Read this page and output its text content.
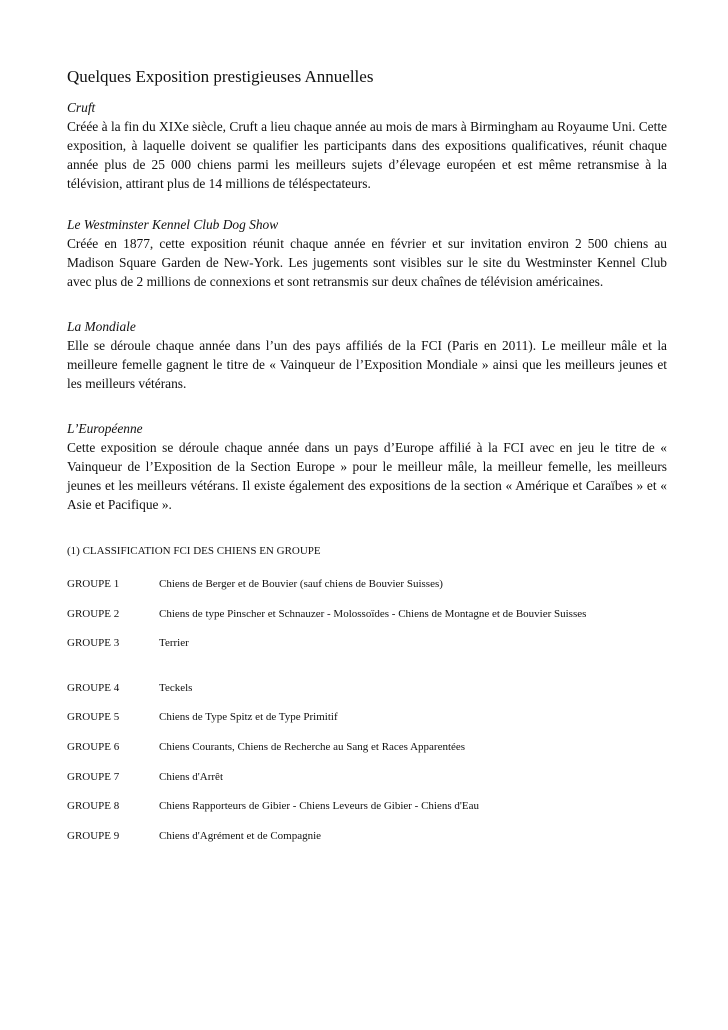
Quelques Exposition prestigieuses Annuelles
Cruft
Créée à la fin du XIXe siècle, Cruft a lieu chaque année au mois de mars à Birmingham au Royaume Uni. Cette exposition, à laquelle doivent se qualifier les participants dans des expositions qualificatives, réunit chaque année plus de 25 000 chiens parmi les meilleurs sujets d’élevage européen et est même retransmise à la télévision, attirant plus de 14 millions de téléspectateurs.
Le Westminster Kennel Club Dog Show
Créée en 1877, cette exposition réunit chaque année en février et sur invitation environ 2 500 chiens au Madison Square Garden de New-York. Les jugements sont visibles sur le site du Westminster Kennel Club avec plus de 2 millions de connexions et sont retransmis sur deux chaînes de télévision américaines.
La Mondiale
Elle se déroule chaque année dans l’un des pays affiliés de la FCI (Paris en 2011). Le meilleur mâle et la meilleure femelle gagnent le titre de « Vainqueur de l’Exposition Mondiale » ainsi que les meilleurs jeunes et les meilleurs vétérans.
L’Européenne
Cette exposition se déroule chaque année dans un pays d’Europe affilié à la FCI avec en jeu le titre de « Vainqueur de l’Exposition de la Section Europe » pour le meilleur mâle, la meilleur femelle, les meilleurs jeunes et les meilleurs vétérans. Il existe également des expositions de la section « Amérique et Caraïbes » et « Asie et Pacifique ».
(1) CLASSIFICATION FCI DES CHIENS EN GROUPE
GROUPE 1	Chiens de Berger et de Bouvier (sauf chiens de Bouvier Suisses)
GROUPE 2	Chiens de type Pinscher et Schnauzer - Molossoïdes - Chiens de Montagne et de Bouvier Suisses
GROUPE 3	Terrier
GROUPE 4	Teckels
GROUPE 5	Chiens de Type Spitz et de Type Primitif
GROUPE 6	Chiens Courants, Chiens de Recherche au Sang et Races Apparentées
GROUPE 7	Chiens d'Arrêt
GROUPE 8	Chiens Rapporteurs de Gibier - Chiens Leveurs de Gibier - Chiens d'Eau
GROUPE 9	Chiens d'Agrément et de Compagnie
